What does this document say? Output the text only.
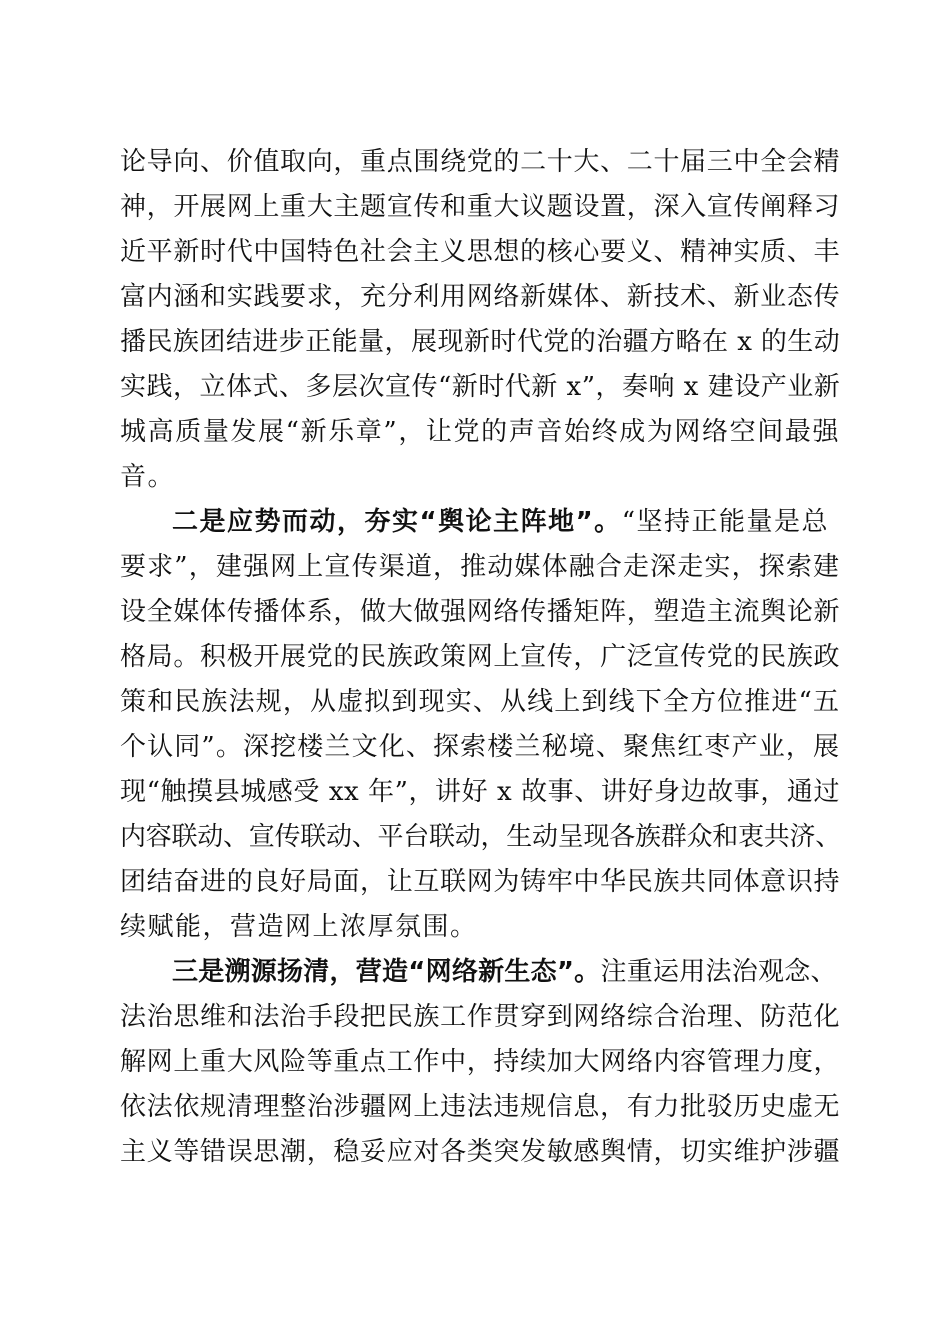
论导向、价值取向，重点围绕党的二十大、二十届三中全会精
神，开展网上重大主题宣传和重大议题设置，深入宣传阐释习
近平新时代中国特色社会主义思想的核心要义、精神实质、丰
富内涵和实践要求，充分利用网络新媒体、新技术、新业态传
播民族团结进步正能量，展现新时代党的治疆方略在 x 的生动
实践，立体式、多层次宣传“新时代新 x”，奏响 x 建设产业新
城高质量发展“新乐章”，让党的声音始终成为网络空间最强
音。
二是应势而动，夯实“舆论主阵地”。“坚持正能量是总
要求”，建强网上宣传渠道，推动媒体融合走深走实，探索建
设全媒体传播体系，做大做强网络传播矩阵，塑造主流舆论新
格局。积极开展党的民族政策网上宣传，广泛宣传党的民族政
策和民族法规，从虚拟到现实、从线上到线下全方位推进“五
个认同”。深挖楼兰文化、探索楼兰秘境、聚焦红枣产业，展
现“触摸县城感受 xx 年”，讲好 x 故事、讲好身边故事，通过
内容联动、宣传联动、平台联动，生动呈现各族群众和衷共济、
团结奋进的良好局面，让互联网为铸牢中华民族共同体意识持
续赋能，营造网上浓厚氛围。
三是溯源扬清，营造“网络新生态”。注重运用法治观念、
法治思维和法治手段把民族工作贯穿到网络综合治理、防范化
解网上重大风险等重点工作中，持续加大网络内容管理力度，
依法依规清理整治涉疆网上违法违规信息，有力批驳历史虚无
主义等错误思潮，稳妥应对各类突发敏感舆情，切实维护涉疆
